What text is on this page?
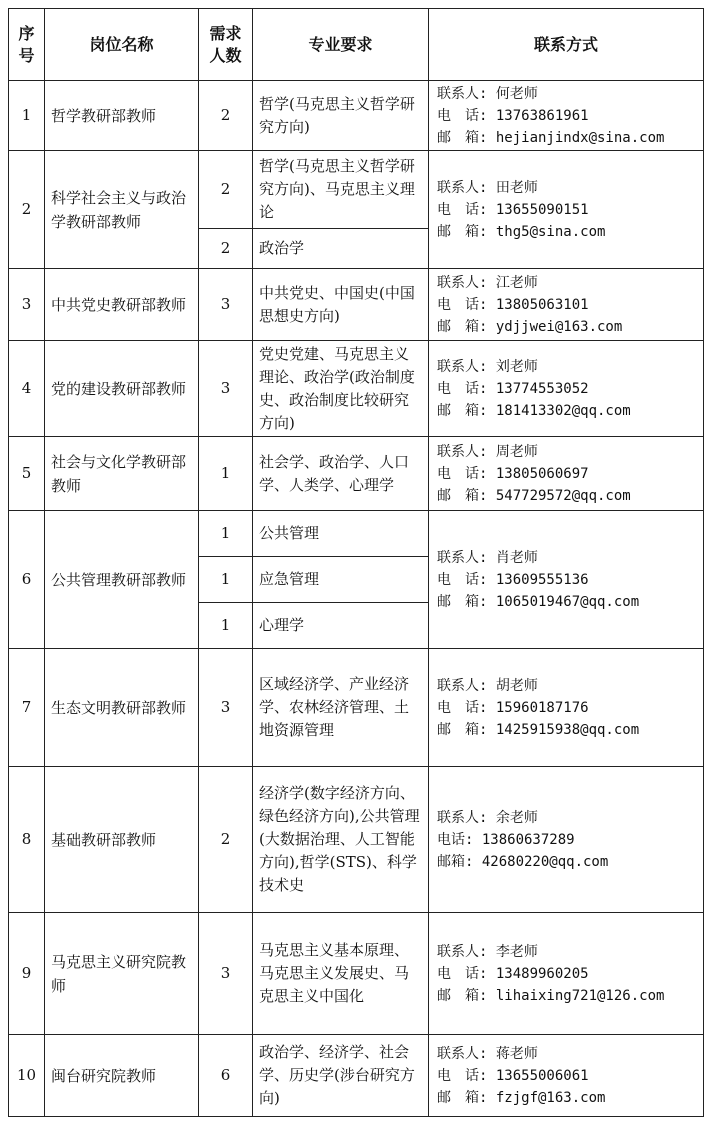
序号	岗位名称	需求人数	专业要求	联系方式
1	哲学教研部教师	2	哲学(马克思主义哲学研究方向)	联系人: 何老师
电　话: 13763861961
邮　箱: hejianjindx@sina.com

2	科学社会主义与政治学教研部教师	2	哲学(马克思主义哲学研究方向)、马克思主义理论	联系人: 田老师
电　话: 13655090151
邮　箱: thg5@sina.com

		2	政治学	
3	中共党史教研部教师	3	中共党史、中国史(中国思想史方向)	联系人: 江老师
电　话: 13805063101
邮　箱: ydjjwei@163.com

4	党的建设教研部教师	3	党史党建、马克思主义理论、政治学(政治制度史、政治制度比较研究方向)	联系人: 刘老师
电　话: 13774553052
邮　箱: 181413302@qq.com

5	社会与文化学教研部教师	1	社会学、政治学、人口学、人类学、心理学	联系人: 周老师
电　话: 13805060697
邮　箱: 547729572@qq.com

6	公共管理教研部教师	1	公共管理	联系人: 肖老师
电　话: 13609555136
邮　箱: 1065019467@qq.com

		1	应急管理	
		1	心理学	
7	生态文明教研部教师	3	区域经济学、产业经济学、农林经济管理、土地资源管理	联系人: 胡老师
电　话: 15960187176
邮　箱: 1425915938@qq.com

8	基础教研部教师	2	经济学(数字经济方向、绿色经济方向),公共管理(大数据治理、人工智能方向),哲学(STS)、科学技术史	联系人: 余老师
电话: 13860637289
邮箱: 42680220@qq.com

9	马克思主义研究院教师	3	马克思主义基本原理、马克思主义发展史、马克思主义中国化	联系人: 李老师
电　话: 13489960205
邮　箱: lihaixing721@126.com

10	闽台研究院教师	6	政治学、经济学、社会学、历史学(涉台研究方向)	联系人: 蒋老师
电　话: 13655006061
邮　箱: fzjgf@163.com
